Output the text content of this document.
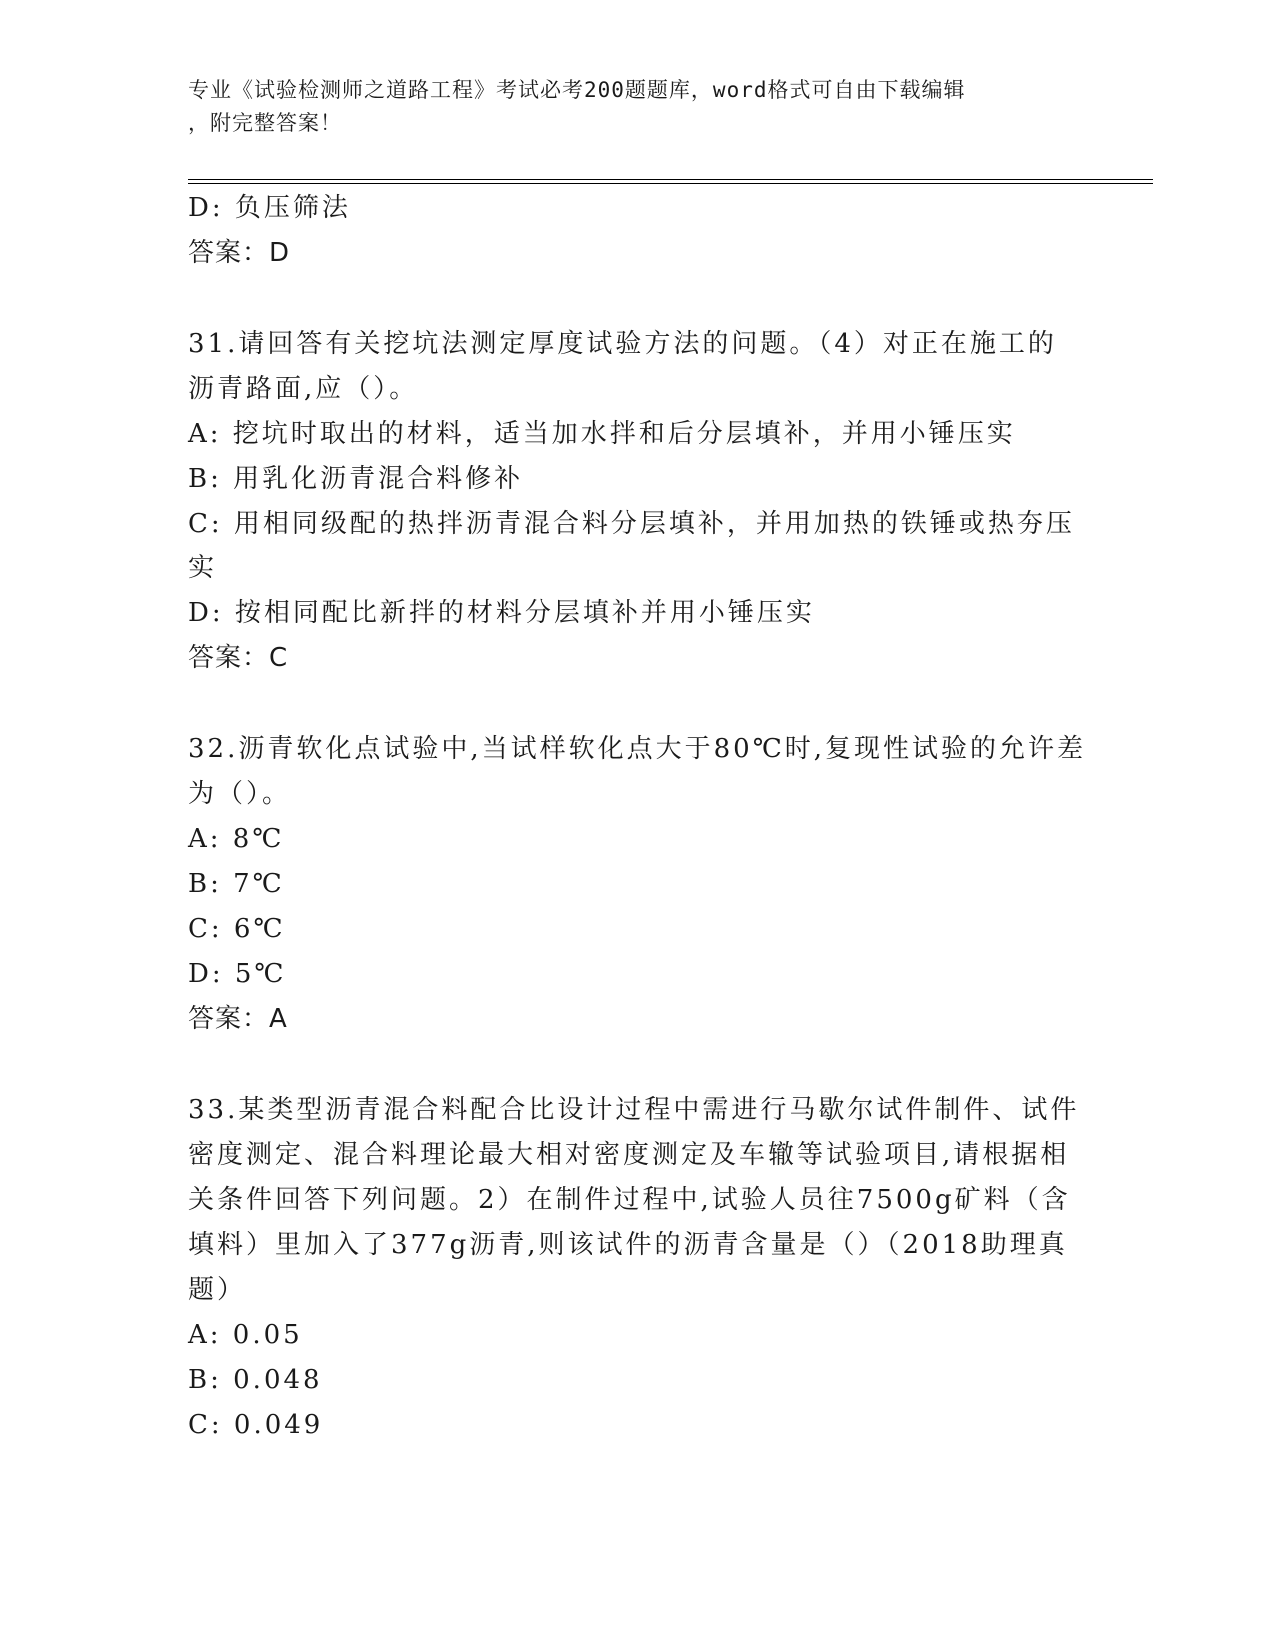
专业《试验检测师之道路工程》考试必考200题题库，word格式可自由下载编辑
，附完整答案！
D: 负压筛法
答案：D
31.请回答有关挖坑法测定厚度试验方法的问题。（4）对正在施工的
沥青路面,应（）。
A: 挖坑时取出的材料，适当加水拌和后分层填补，并用小锤压实
B: 用乳化沥青混合料修补
C: 用相同级配的热拌沥青混合料分层填补，并用加热的铁锤或热夯压
实
D: 按相同配比新拌的材料分层填补并用小锤压实
答案：C
32.沥青软化点试验中,当试样软化点大于80℃时,复现性试验的允许差
为（）。
A: 8℃
B: 7℃
C: 6℃
D: 5℃
答案：A
33.某类型沥青混合料配合比设计过程中需进行马歇尔试件制件、试件
密度测定、混合料理论最大相对密度测定及车辙等试验项目,请根据相
关条件回答下列问题。2）在制件过程中,试验人员往7500g矿料（含
填料）里加入了377g沥青,则该试件的沥青含量是（）（2018助理真
题）
A: 0.05
B: 0.048
C: 0.049
